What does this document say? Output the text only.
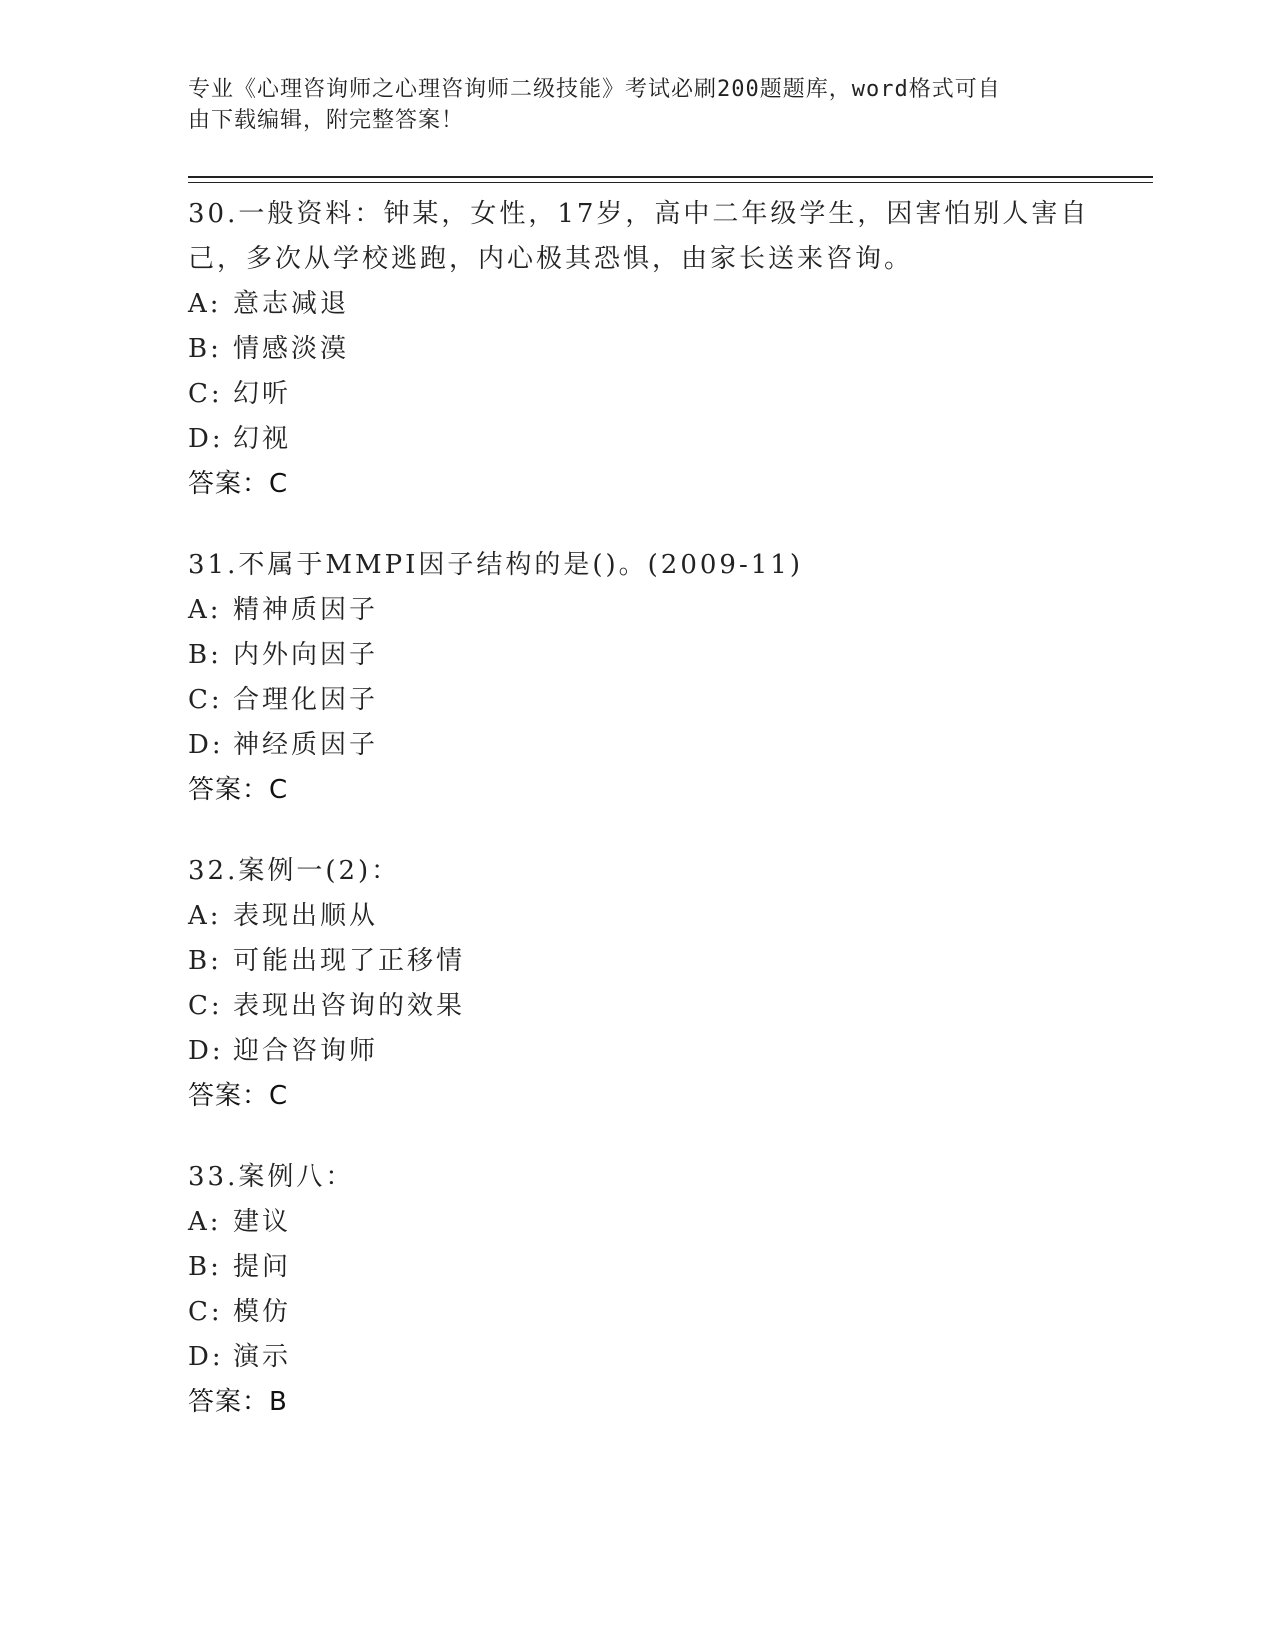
专业《心理咨询师之心理咨询师二级技能》考试必刷200题题库，word格式可自
由下载编辑，附完整答案！

30.一般资料：钟某，女性，17岁，高中二年级学生，因害怕别人害自

己，多次从学校逃跑，内心极其恐惧，由家长送来咨询。

A: 意志减退

B: 情感淡漠

C: 幻听

D: 幻视

答案：C

31.不属于MMPI因子结构的是()。(2009-11)

A: 精神质因子

B: 内外向因子

C: 合理化因子

D: 神经质因子

答案：C

32.案例一(2)：

A: 表现出顺从

B: 可能出现了正移情

C: 表现出咨询的效果

D: 迎合咨询师

答案：C

33.案例八：

A: 建议

B: 提问

C: 模仿

D: 演示

答案：B
